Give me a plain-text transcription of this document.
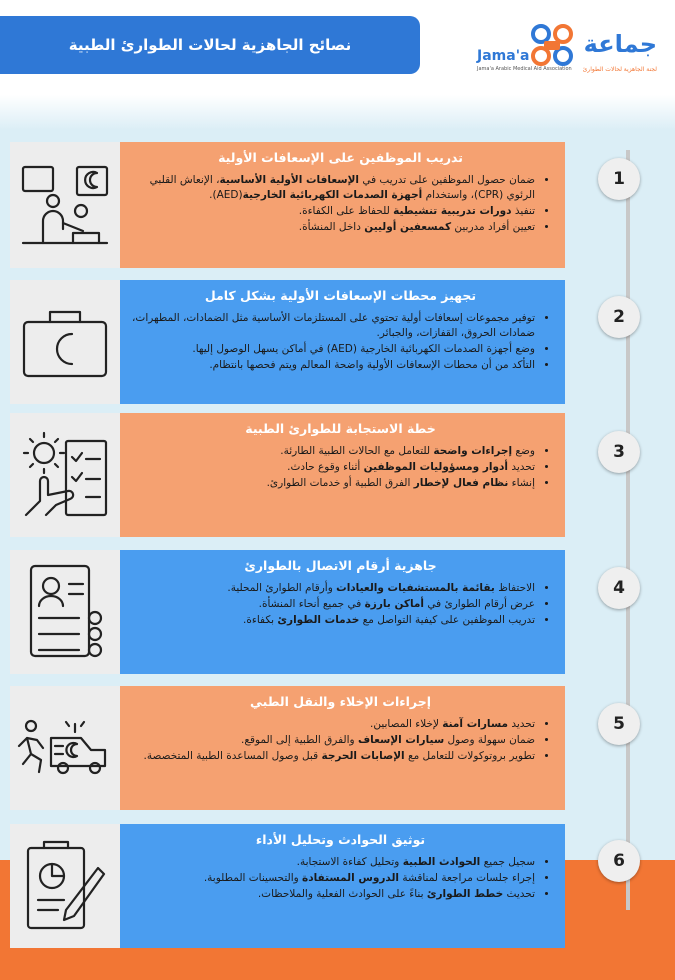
نصائح الجاهزية لحالات الطوارئ الطبية	جماعة
لجنة الجاهزية لحالات الطوارئ
Jama'a
Jama'a Arabic Medical Aid Association
تدريب الموظفين على الإسعافات الأولية
• ضمان حصول الموظفين على تدريب في الإسعافات الأولية الأساسية، الإنعاش القلبي الرئوي (CPR)، واستخدام أجهزة الصدمات الكهربائية الخارجية(AED).
• تنفيذ دورات تدريبية تنشيطية للحفاظ على الكفاءة.
• تعيين أفراد مدربين كمسعفين أوليين داخل المنشأة.
1
تجهيز محطات الإسعافات الأولية بشكل كامل
• توفير مجموعات إسعافات أولية تحتوي على المستلزمات الأساسية مثل الضمادات، المطهرات، ضمادات الحروق، القفازات، والجبائر.
• وضع أجهزة الصدمات الكهربائية الخارجية (AED) في أماكن يسهل الوصول إليها.
• التأكد من أن محطات الإسعافات الأولية واضحة المعالم ويتم فحصها بانتظام.
2
خطة الاستجابة للطوارئ الطبية
• وضع إجراءات واضحة للتعامل مع الحالات الطبية الطارئة.
• تحديد أدوار ومسؤوليات الموظفين أثناء وقوع حادث.
• إنشاء نظام فعال لإخطار الفرق الطبية أو خدمات الطوارئ.
3
جاهزية أرقام الاتصال بالطوارئ
• الاحتفاظ بقائمة بالمستشفيات والعيادات وأرقام الطوارئ المحلية.
• عرض أرقام الطوارئ في أماكن بارزة في جميع أنحاء المنشأة.
• تدريب الموظفين على كيفية التواصل مع خدمات الطوارئ بكفاءة.
4
إجراءات الإخلاء والنقل الطبي
• تحديد مسارات آمنة لإخلاء المصابين.
• ضمان سهولة وصول سيارات الإسعاف والفرق الطبية إلى الموقع.
• تطوير بروتوكولات للتعامل مع الإصابات الحرجة قبل وصول المساعدة الطبية المتخصصة.
5
توثيق الحوادث وتحليل الأداء
• سجيل جميع الحوادث الطبية وتحليل كفاءة الاستجابة.
• إجراء جلسات مراجعة لمناقشة الدروس المستفادة والتحسينات المطلوبة.
• تحديث خطط الطوارئ بناءً على الحوادث الفعلية والملاحظات.
6
